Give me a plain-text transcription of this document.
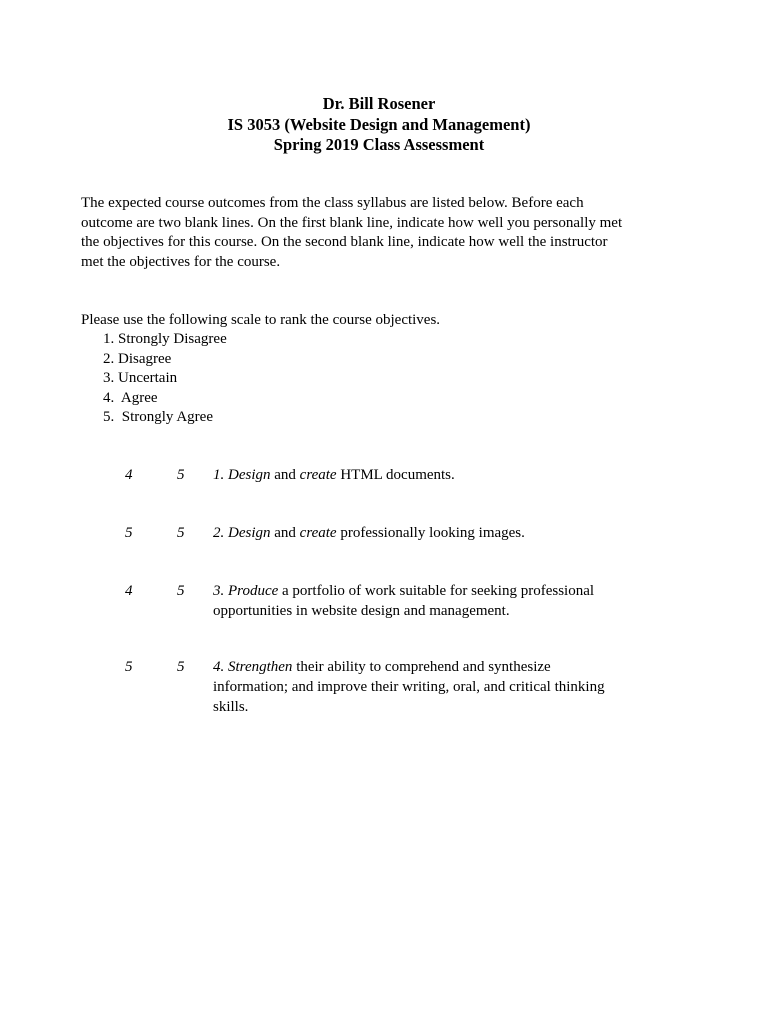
Dr. Bill Rosener
IS 3053 (Website Design and Management)
Spring 2019 Class Assessment
The expected course outcomes from the class syllabus are listed below. Before each
outcome are two blank lines. On the first blank line, indicate how well you personally met
the objectives for this course. On the second blank line, indicate how well the instructor
met the objectives for the course.
Please use the following scale to rank the course objectives.
1. Strongly Disagree
2. Disagree
3. Uncertain
4.  Agree
5.  Strongly Agree
4	5 1. Design and create HTML documents.
5	5 2. Design and create professionally looking images.
4	5 3. Produce a portfolio of work suitable for seeking professional
opportunities in website design and management.
5	5 4. Strengthen their ability to comprehend and synthesize
information; and improve their writing, oral, and critical thinking
skills.
